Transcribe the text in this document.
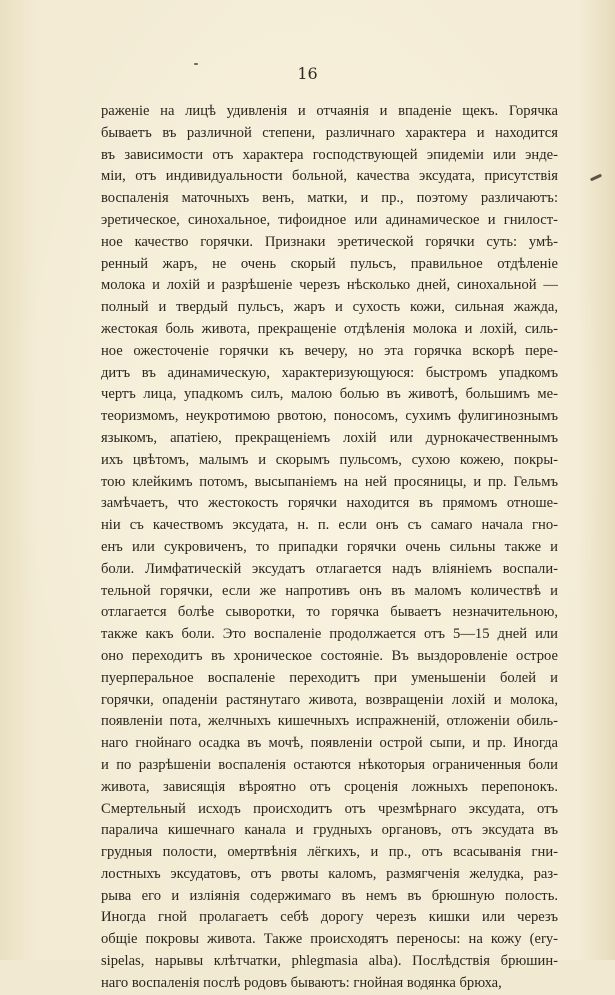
16

раженіе на лицѣ удивленія и отчаянія и впаденіе щекъ. Горячка
бываетъ въ различной степени, различнаго характера и находится
въ зависимости отъ характера господствующей эпидеміи или энде-
міи, отъ индивидуальности больной, качества эксудата, присутствія
воспаленія маточныхъ венъ, матки, и пр., поэтому различаютъ:
эретическое, синохальное, тифоидное или адинамическое и гнилост-
ное качество горячки. Признаки эретической горячки суть: умѣ-
ренный жаръ, не очень скорый пульсъ, правильное отдѣленіе
молока и лохій и разрѣшеніе черезъ нѣсколько дней, синохальной —
полный и твердый пульсъ, жаръ и сухость кожи, сильная жажда,
жестокая боль живота, прекращеніе отдѣленія молока и лохій, силь-
ное ожесточеніе горячки къ вечеру, но эта горячка вскорѣ пере-
дитъ въ адинамическую, характеризующуюся: быстромъ упадкомъ
чертъ лица, упадкомъ силъ, малою болью въ животѣ, большимъ ме-
теоризмомъ, неукротимою рвотою, поносомъ, сухимъ фулигинознымъ
языкомъ, апатіею, прекращеніемъ лохій или дурнокачественнымъ
ихъ цвѣтомъ, малымъ и скорымъ пульсомъ, сухою кожею, покры-
тою клейкимъ потомъ, высыпаніемъ на ней просяницы, и пр. Гельмъ
замѣчаетъ, что жестокость горячки находится въ прямомъ отноше-
ніи съ качествомъ эксудата, н. п. если онъ съ самаго начала гно-
енъ или сукровиченъ, то припадки горячки очень сильны также и
боли. Лимфатическій эксудатъ отлагается надъ вліяніемъ воспали-
тельной горячки, если же напротивъ онъ въ маломъ количествѣ и
отлагается болѣе сыворотки, то горячка бываетъ незначительною,
также какъ боли. Это воспаленіе продолжается отъ 5—15 дней или
оно переходитъ въ хроническое состояніе. Въ выздоровленіе острое
пуерперальное воспаленіе переходитъ при уменьшеніи болей и
горячки, опаденіи растянутаго живота, возвращеніи лохій и молока,
появленіи пота, желчныхъ кишечныхъ испражненій, отложеніи обиль-
наго гнойнаго осадка въ мочѣ, появленіи острой сыпи, и пр. Иногда
и по разрѣшеніи воспаленія остаются нѣкоторыя ограниченныя боли
живота, зависящія вѣроятно отъ сроценія ложныхъ перепонокъ.
Смертельный исходъ происходитъ отъ чрезмѣрнаго эксудата, отъ
паралича кишечнаго канала и грудныхъ органовъ, отъ эксудата въ
грудныя полости, омертвѣнія лёгкихъ, и пр., отъ всасыванія гни-
лостныхъ эксудатовъ, отъ рвоты каломъ, размягченія желудка, раз-
рыва его и изліянія содержимаго въ немъ въ брюшную полость.
Иногда гной пролагаетъ себѣ дорогу черезъ кишки или черезъ
общіе покровы живота. Также происходятъ переносы: на кожу (ery-
sipelas, нарывы клѣтчатки, phlegmasia alba). Послѣдствія брюшин-
наго воспаленія послѣ родовъ бываютъ: гнойная водянка брюха,
